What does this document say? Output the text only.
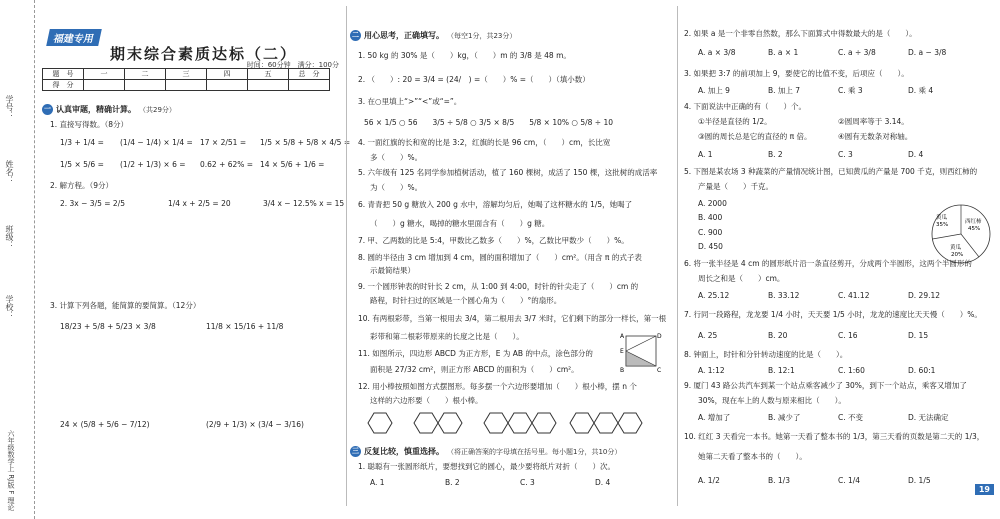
学号：
姓名：
班级：
学校：
六年级数学上 RJ版 F 理论
福建专用
期末综合素质达标（二）
时间：60分钟　满分：100分
题　号	一	二	三	四	五	总　分
得　分						
一 认真审题，精确计算。 （共29分）
1. 直接写得数。（8分）
1/3 + 1/4 = (1/4 − 1/4) × 1/4 = 17 × 2/51 = 1/5 × 5/8 + 5/8 × 4/5 =
1/5 × 5/6 = (1/2 + 1/3) × 6 = 0.62 + 62% = 14 × 5/6 + 1/6 =
2. 解方程。（9分）
2. 3x − 3/5 = 2/5	1/4 x + 2/5 = 20	3/4 x − 12.5% x = 15
3. 计算下列各题，能简算的要简算。（12分）
18/23 + 5/8 + 5/23 × 3/8	11/8 × 15/16 + 11/8
24 × (5/8 + 5/6 − 7/12)	(2/9 + 1/3) × (3/4 − 3/16)
二 用心思考，正确填写。 （每空1分，共23分）
1. 50 kg 的 30% 是（　　）kg，（　　）m 的 3/8 是 48 m。
2. （　　）: 20 = 3/4 = (24/　) =（　　）% =（　　）（填小数）
3. 在○里填上“>”“<”或“=”。
56 × 1/5 ○ 56　　3/5 ÷ 5/8 ○ 3/5 × 8/5　　5/8 × 10% ○ 5/8 ÷ 10
4. 一面红旗的长和宽的比是 3:2，红旗的长是 96 cm，（　　）cm，长比宽
多（　　）%。
5. 六年级有 125 名同学参加植树活动，植了 160 棵树，成活了 150 棵，这批树的成活率
为（　　）%。
6. 青青把 50 g 糖放入 200 g 水中，溶解均匀后，她喝了这杯糖水的 1/5，她喝了
（　　）g 糖水，喝掉的糖水里面含有（　　）g 糖。
7. 甲、乙两数的比是 5:4，甲数比乙数多（　　）%，乙数比甲数少（　　）%。
8. 圆的半径由 3 cm 增加到 4 cm，圆的面积增加了（　　）cm²。（用含 π 的式子表
示最简结果）
9. 一个圆形钟表的时针长 2 cm，从 1:00 到 4:00，时针的针尖走了（　　）cm 的
路程，时针扫过的区域是一个圆心角为（　　）°的扇形。
10. 有两根彩带，当第一根用去 3/4，第二根用去 3/7 米时，它们剩下的部分一样长，第一根
彩带和第二根彩带原来的长度之比是（　　）。
11. 如图所示，四边形 ABCD 为正方形，E 为 AB 的中点，涂色部分的
面积是 27/32 cm²，则正方形 ABCD 的面积为（　　）cm²。
12. 用小棒按照如图方式摆图形。每多摆一个六边形要增加（　　）根小棒，摆 n 个
这样的六边形要（　　）根小棒。
A	D
E
B	C
三 反复比较，慎重选择。 （将正确答案的字母填在括号里。每小题1分，共10分）
1. 聪聪有一张圆形纸片，要想找到它的圆心，最少要将纸片对折（　　）次。
A. 1	B. 2	C. 3	D. 4
2. 如果 a 是一个非零自然数，那么下面算式中得数最大的是（　　）。
A. a × 3/8	B. a × 1	C. a ÷ 3/8	D. a − 3/8
3. 如果把 3:7 的前项加上 9，要使它的比值不变，后项应（　　）。
A. 加上 9	B. 加上 7	C. 乘 3	D. 乘 4
4. 下面说法中正确的有（　　）个。
①半径是直径的 1/2。	②圆周率等于 3.14。
③圆的周长总是它的直径的 π 倍。	④圆有无数条对称轴。
A. 1	B. 2	C. 3	D. 4
5. 下图是某农场 3 种蔬菜的产量情况统计图，已知黄瓜的产量是 700 千克，则西红柿的
产量是（　　）千克。
A. 2000
B. 400
C. 900
D. 450
黄瓜
35%	西红柿
45%
黄瓜
20%
6. 将一张半径是 4 cm 的圆形纸片沿一条直径剪开，分成两个半圆形，这两个半圆形的
周长之和是（　　）cm。
A. 25.12	B. 33.12	C. 41.12	D. 29.12
7. 行同一段路程，龙龙要 1/4 小时，天天要 1/5 小时，龙龙的速度比天天慢（　　）%。
A. 25	B. 20	C. 16	D. 15
8. 钟面上，时针和分针转动速度的比是（　　）。
A. 1:12	B. 12:1	C. 1:60	D. 60:1
9. 厦门 43 路公共汽车到某一个站点乘客减少了 30%，到下一个站点，乘客又增加了
30%，现在车上的人数与原来相比（　　）。
A. 增加了	B. 减少了	C. 不变	D. 无法确定
10. 红红 3 天看完一本书。她第一天看了整本书的 1/3，第三天看的页数是第二天的 1/3，
她第二天看了整本书的（　　）。
A. 1/2	B. 1/3	C. 1/4	D. 1/5
19
